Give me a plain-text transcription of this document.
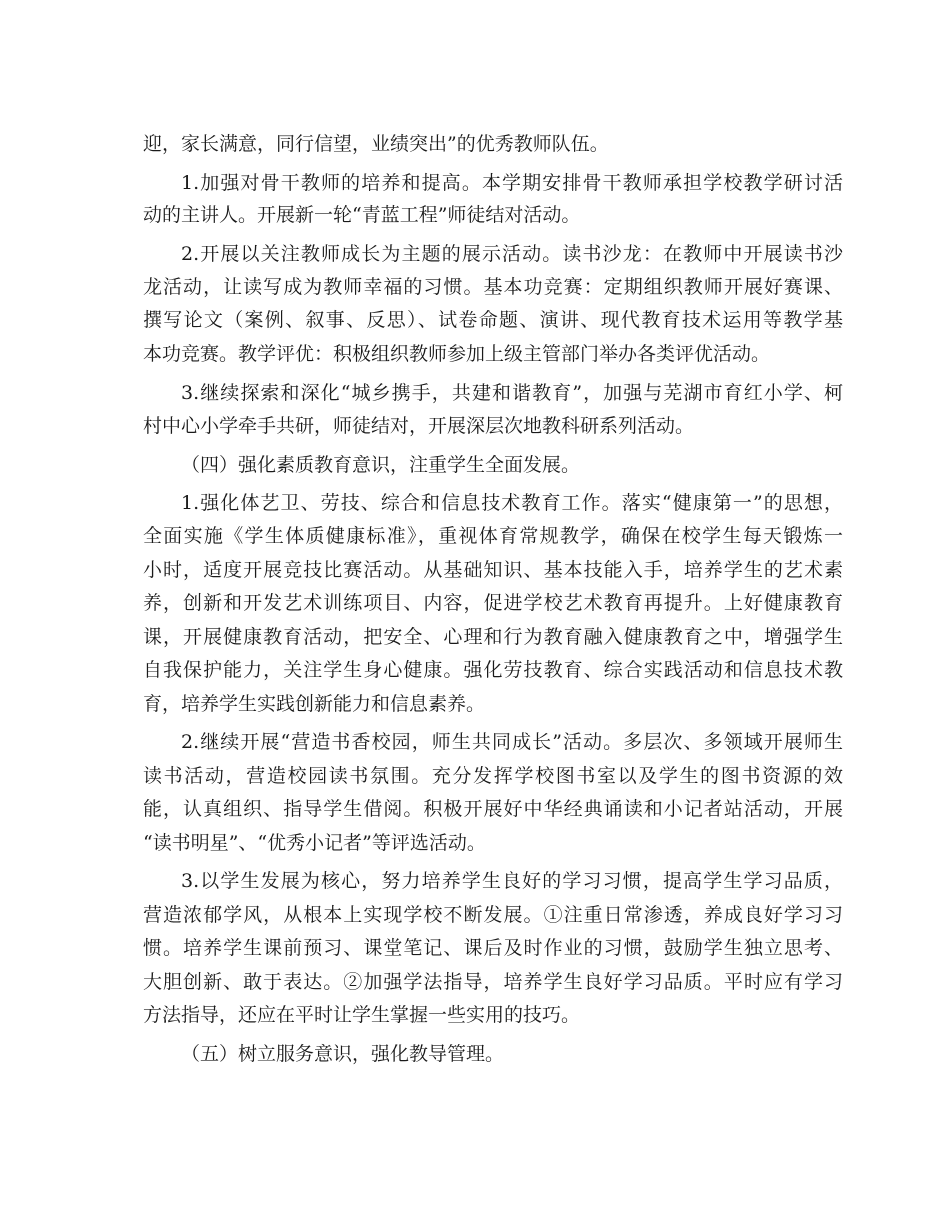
迎，家长满意，同行信望，业绩突出”的优秀教师队伍。
1.加强对骨干教师的培养和提高。本学期安排骨干教师承担学校教学研讨活
动的主讲人。开展新一轮“青蓝工程”师徒结对活动。
2.开展以关注教师成长为主题的展示活动。读书沙龙：在教师中开展读书沙
龙活动，让读写成为教师幸福的习惯。基本功竞赛：定期组织教师开展好赛课、
撰写论文（案例、叙事、反思）、试卷命题、演讲、现代教育技术运用等教学基
本功竞赛。教学评优：积极组织教师参加上级主管部门举办各类评优活动。
3.继续探索和深化“城乡携手，共建和谐教育”，加强与芜湖市育红小学、柯
村中心小学牵手共研，师徒结对，开展深层次地教科研系列活动。
（四）强化素质教育意识，注重学生全面发展。
1.强化体艺卫、劳技、综合和信息技术教育工作。落实“健康第一”的思想，
全面实施《学生体质健康标准》，重视体育常规教学，确保在校学生每天锻炼一
小时，适度开展竞技比赛活动。从基础知识、基本技能入手，培养学生的艺术素
养，创新和开发艺术训练项目、内容，促进学校艺术教育再提升。上好健康教育
课，开展健康教育活动，把安全、心理和行为教育融入健康教育之中，增强学生
自我保护能力，关注学生身心健康。强化劳技教育、综合实践活动和信息技术教
育，培养学生实践创新能力和信息素养。
2.继续开展“营造书香校园，师生共同成长”活动。多层次、多领域开展师生
读书活动，营造校园读书氛围。充分发挥学校图书室以及学生的图书资源的效
能，认真组织、指导学生借阅。积极开展好中华经典诵读和小记者站活动，开展
“读书明星”、“优秀小记者”等评选活动。
3.以学生发展为核心，努力培养学生良好的学习习惯，提高学生学习品质，
营造浓郁学风，从根本上实现学校不断发展。①注重日常渗透，养成良好学习习
惯。培养学生课前预习、课堂笔记、课后及时作业的习惯，鼓励学生独立思考、
大胆创新、敢于表达。②加强学法指导，培养学生良好学习品质。平时应有学习
方法指导，还应在平时让学生掌握一些实用的技巧。
（五）树立服务意识，强化教导管理。
